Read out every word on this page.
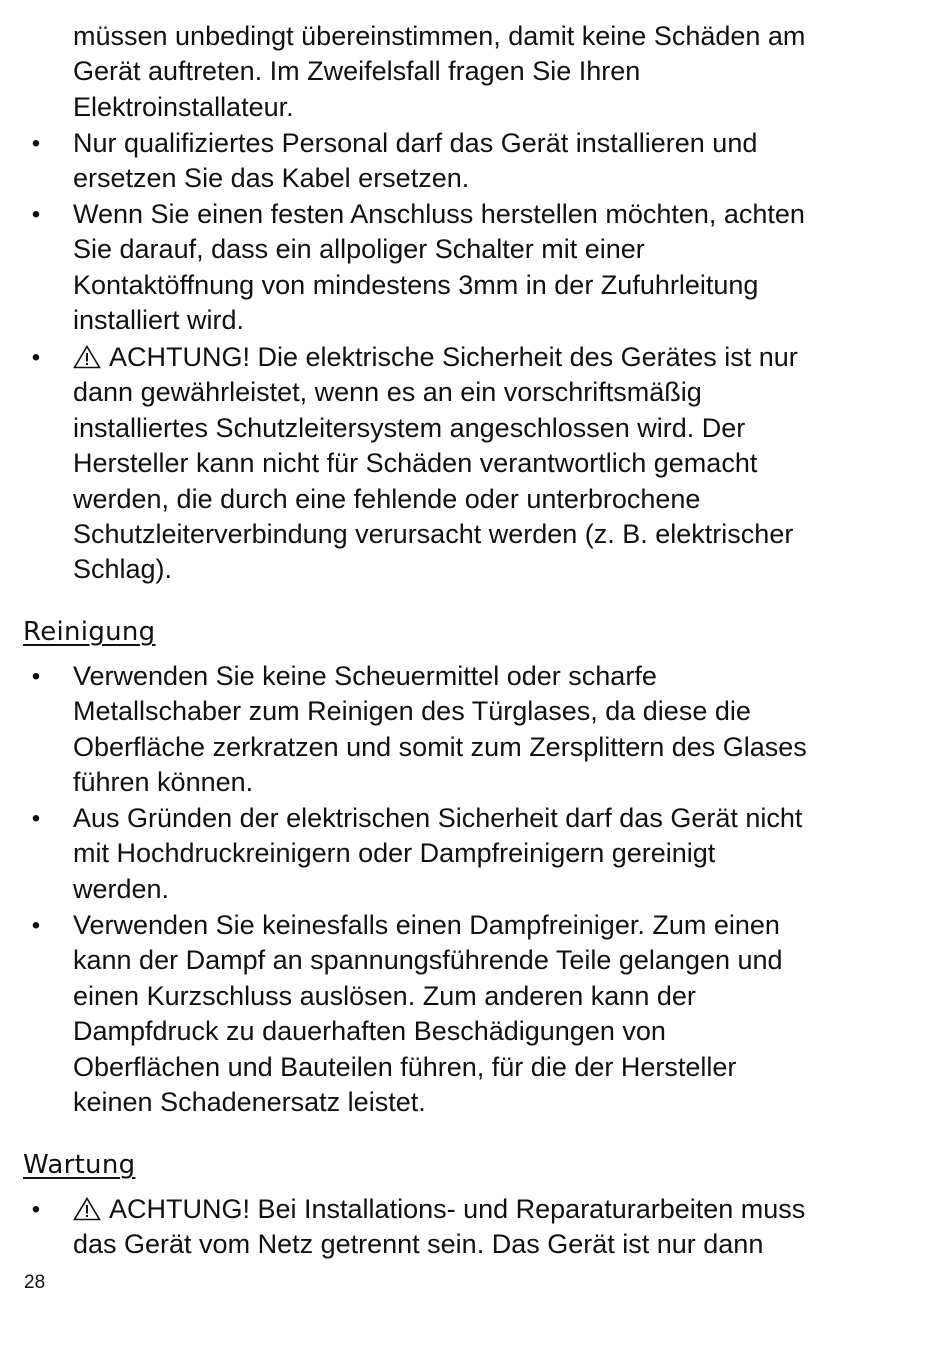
müssen unbedingt übereinstimmen, damit keine Schäden am
Gerät auftreten. Im Zweifelsfall fragen Sie Ihren
Elektroinstallateur.
• Nur qualifiziertes Personal darf das Gerät installieren und
ersetzen Sie das Kabel ersetzen.
• Wenn Sie einen festen Anschluss herstellen möchten, achten
Sie darauf, dass ein allpoliger Schalter mit einer
Kontaktöffnung von mindestens 3mm in der Zufuhrleitung
installiert wird.
•	ACHTUNG! Die elektrische Sicherheit des Gerätes ist nur
dann gewährleistet, wenn es an ein vorschriftsmäßig
installiertes Schutzleitersystem angeschlossen wird. Der
Hersteller kann nicht für Schäden verantwortlich gemacht
werden, die durch eine fehlende oder unterbrochene
Schutzleiterverbindung verursacht werden (z. B. elektrischer
Schlag).
Reinigung
• Verwenden Sie keine Scheuermittel oder scharfe
Metallschaber zum Reinigen des Türglases, da diese die
Oberfläche zerkratzen und somit zum Zersplittern des Glases
führen können.
• Aus Gründen der elektrischen Sicherheit darf das Gerät nicht
mit Hochdruckreinigern oder Dampfreinigern gereinigt
werden.
• Verwenden Sie keinesfalls einen Dampfreiniger. Zum einen
kann der Dampf an spannungsführende Teile gelangen und
einen Kurzschluss auslösen. Zum anderen kann der
Dampfdruck zu dauerhaften Beschädigungen von
Oberflächen und Bauteilen führen, für die der Hersteller
keinen Schadenersatz leistet.
Wartung
•	ACHTUNG! Bei Installations- und Reparaturarbeiten muss
das Gerät vom Netz getrennt sein. Das Gerät ist nur dann
28
